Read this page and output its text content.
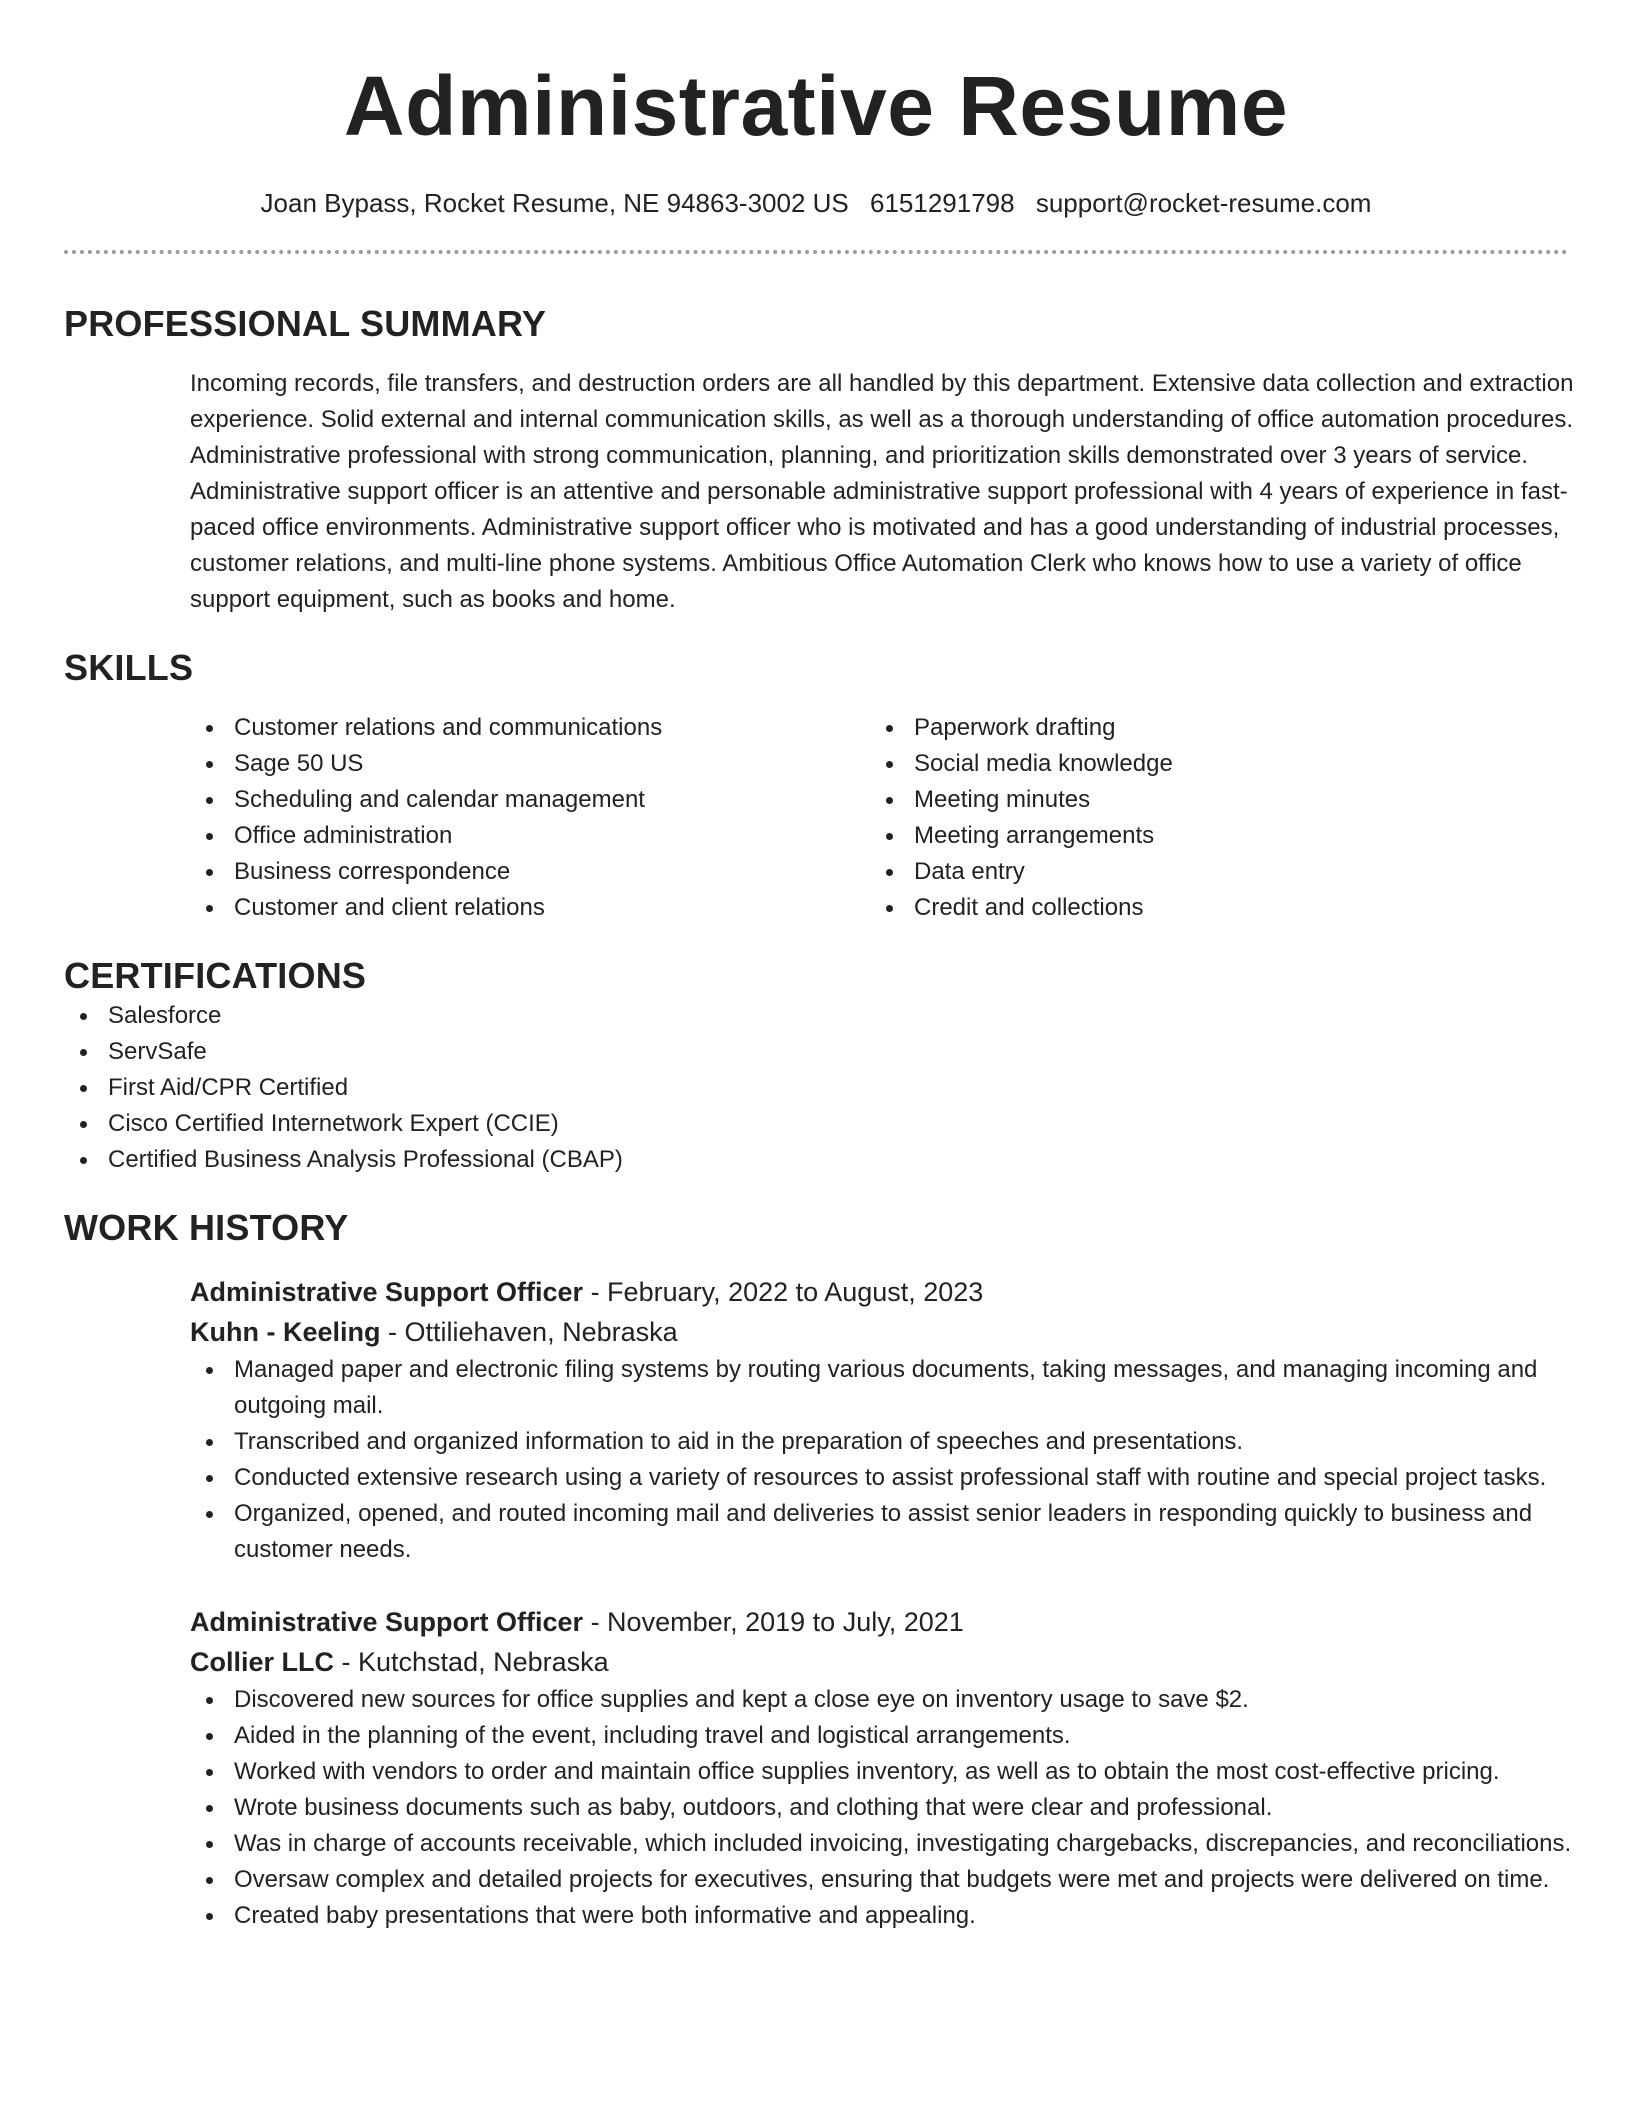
Administrative Resume
Joan Bypass, Rocket Resume, NE 94863-3002 US 6151291798 support@rocket-resume.com
PROFESSIONAL SUMMARY

Incoming records, file transfers, and destruction orders are all handled by this department. Extensive data collection and extraction experience. Solid external and internal communication skills, as well as a thorough understanding of office automation procedures. Administrative professional with strong communication, planning, and prioritization skills demonstrated over 3 years of service. Administrative support officer is an attentive and personable administrative support professional with 4 years of experience in fast-paced office environments. Administrative support officer who is motivated and has a good understanding of industrial processes, customer relations, and multi-line phone systems. Ambitious Office Automation Clerk who knows how to use a variety of office support equipment, such as books and home.

SKILLS
Customer relations and communications
Sage 50 US
Scheduling and calendar management
Office administration
Business correspondence
Customer and client relations
Paperwork drafting
Social media knowledge
Meeting minutes
Meeting arrangements
Data entry
Credit and collections
CERTIFICATIONS
Salesforce
ServSafe
First Aid/CPR Certified
Cisco Certified Internetwork Expert (CCIE)
Certified Business Analysis Professional (CBAP)
WORK HISTORY
Administrative Support Officer - February, 2022 to August, 2023
Kuhn - Keeling - Ottiliehaven, Nebraska
Managed paper and electronic filing systems by routing various documents, taking messages, and managing incoming and outgoing mail.
Transcribed and organized information to aid in the preparation of speeches and presentations.
Conducted extensive research using a variety of resources to assist professional staff with routine and special project tasks.
Organized, opened, and routed incoming mail and deliveries to assist senior leaders in responding quickly to business and customer needs.
Administrative Support Officer - November, 2019 to July, 2021
Collier LLC - Kutchstad, Nebraska
Discovered new sources for office supplies and kept a close eye on inventory usage to save $2.
Aided in the planning of the event, including travel and logistical arrangements.
Worked with vendors to order and maintain office supplies inventory, as well as to obtain the most cost-effective pricing.
Wrote business documents such as baby, outdoors, and clothing that were clear and professional.
Was in charge of accounts receivable, which included invoicing, investigating chargebacks, discrepancies, and reconciliations.
Oversaw complex and detailed projects for executives, ensuring that budgets were met and projects were delivered on time.
Created baby presentations that were both informative and appealing.
